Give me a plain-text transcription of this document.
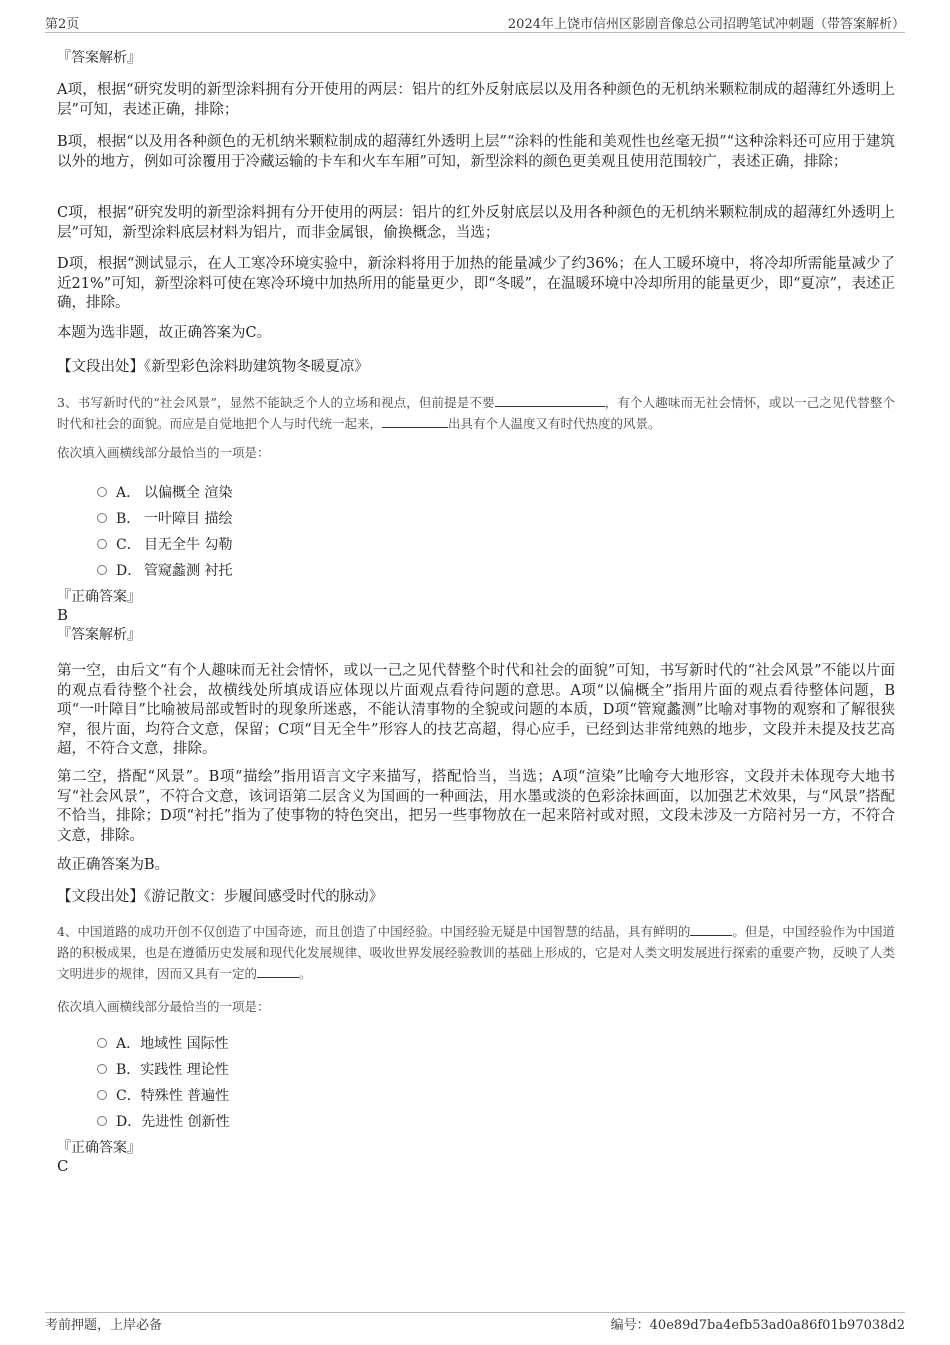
第2页	2024年上饶市信州区影剧音像总公司招聘笔试冲刺题（带答案解析）

『答案解析』

A项，根据“研究发明的新型涂料拥有分开使用的两层：铝片的红外反射底层以及用各种颜色的无机纳米颗粒制成的超薄红外透明上层”可知，表述正确，排除；

B项，根据“以及用各种颜色的无机纳米颗粒制成的超薄红外透明上层”“涂料的性能和美观性也丝毫无损”“这种涂料还可应用于建筑以外的地方，例如可涂覆用于冷藏运输的卡车和火车车厢”可知，新型涂料的颜色更美观且使用范围较广，表述正确，排除；

C项，根据“研究发明的新型涂料拥有分开使用的两层：铝片的红外反射底层以及用各种颜色的无机纳米颗粒制成的超薄红外透明上层”可知，新型涂料底层材料为铝片，而非金属银，偷换概念，当选；

D项，根据“测试显示，在人工寒冷环境实验中，新涂料将用于加热的能量减少了约36%；在人工暖环境中，将冷却所需能量减少了近21%”可知，新型涂料可使在寒冷环境中加热所用的能量更少，即“冬暖”，在温暖环境中冷却所用的能量更少，即“夏凉”，表述正确，排除。

本题为选非题，故正确答案为C。

【文段出处】《新型彩色涂料助建筑物冬暖夏凉》

3、书写新时代的“社会风景”，显然不能缺乏个人的立场和视点，但前提是不要	，有个人趣味而无社会情怀，或以一己之见代替整个时代和社会的面貌。而应是自觉地把个人与时代统一起来，	出具有个人温度又有时代热度的风景。

依次填入画横线部分最恰当的一项是：

A． 以偏概全 渲染
B． 一叶障目 描绘
C． 目无全牛 勾勒
D． 管窥蠡测 衬托

『正确答案』

B

『答案解析』

第一空，由后文“有个人趣味而无社会情怀，或以一己之见代替整个时代和社会的面貌”可知，书写新时代的“社会风景”不能以片面的观点看待整个社会，故横线处所填成语应体现以片面观点看待问题的意思。A项“以偏概全”指用片面的观点看待整体问题，B项“一叶障目”比喻被局部或暂时的现象所迷惑，不能认清事物的全貌或问题的本质，D项“管窥蠡测”比喻对事物的观察和了解很狭窄，很片面，均符合文意，保留；C项“目无全牛”形容人的技艺高超，得心应手，已经到达非常纯熟的地步，文段并未提及技艺高超，不符合文意，排除。

第二空，搭配“风景”。B项“描绘”指用语言文字来描写，搭配恰当，当选；A项“渲染”比喻夸大地形容，文段并未体现夸大地书写“社会风景”，不符合文意，该词语第二层含义为国画的一种画法，用水墨或淡的色彩涂抹画面，以加强艺术效果，与“风景”搭配不恰当，排除；D项“衬托”指为了使事物的特色突出，把另一些事物放在一起来陪衬或对照，文段未涉及一方陪衬另一方，不符合文意，排除。

故正确答案为B。

【文段出处】《游记散文：步履间感受时代的脉动》

4、中国道路的成功开创不仅创造了中国奇迹，而且创造了中国经验。中国经验无疑是中国智慧的结晶，具有鲜明的	。但是，中国经验作为中国道路的积极成果，也是在遵循历史发展和现代化发展规律、吸收世界发展经验教训的基础上形成的，它是对人类文明发展进行探索的重要产物，反映了人类文明进步的规律，因而又具有一定的	。

依次填入画横线部分最恰当的一项是：

A． 地域性 国际性
B． 实践性 理论性
C． 特殊性 普遍性
D． 先进性 创新性

『正确答案』

C

考前押题，上岸必备	编号：40e89d7ba4efb53ad0a86f01b97038d2
